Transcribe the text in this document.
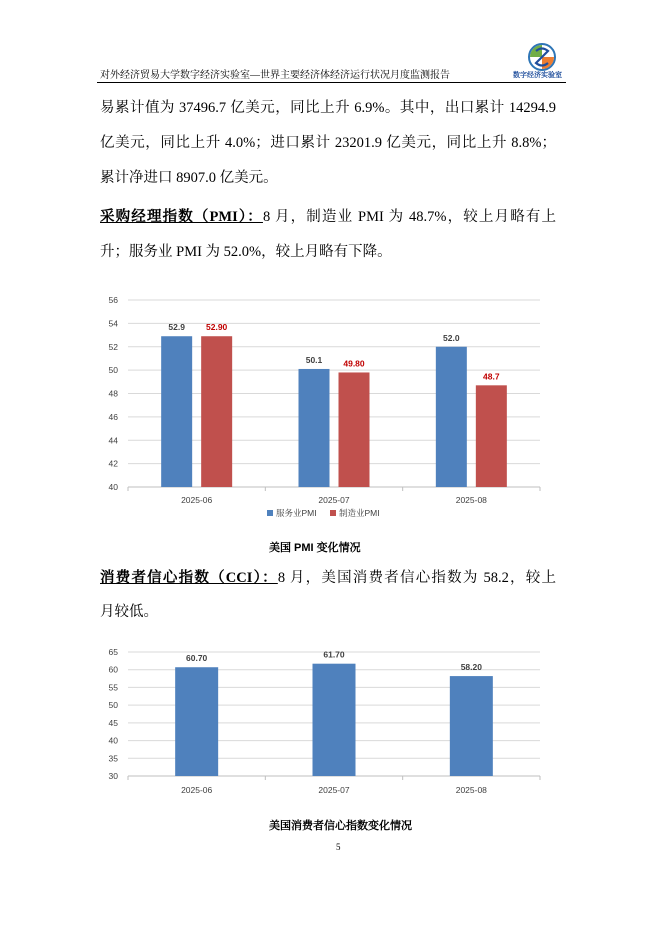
对外经济贸易大学数字经济实验室—世界主要经济体经济运行状况月度监测报告	数字经济实验室
易累计值为 37496.7 亿美元，同比上升 6.9%。其中，出口累计 14294.9
亿美元，同比上升 4.0%；进口累计 23201.9 亿美元，同比上升 8.8%；
累计净进口 8907.0 亿美元。
采购经理指数（PMI）：8 月，制造业 PMI 为 48.7%，较上月略有上
升；服务业 PMI 为 52.0%，较上月略有下降。
40
42
44
46
48
50
52
54
56
2025-06	2025-07	2025-08
52.9
50.1
52.0
52.90
49.80
48.7
服务业PMI	制造业PMI
美国 PMI 变化情况
消费者信心指数（CCI）：8 月，美国消费者信心指数为 58.2，较上
月较低。
30
35
40
45
50
55
60
65
2025-06	2025-07	2025-08
60.70	61.70
58.20
美国消费者信心指数变化情况
5
